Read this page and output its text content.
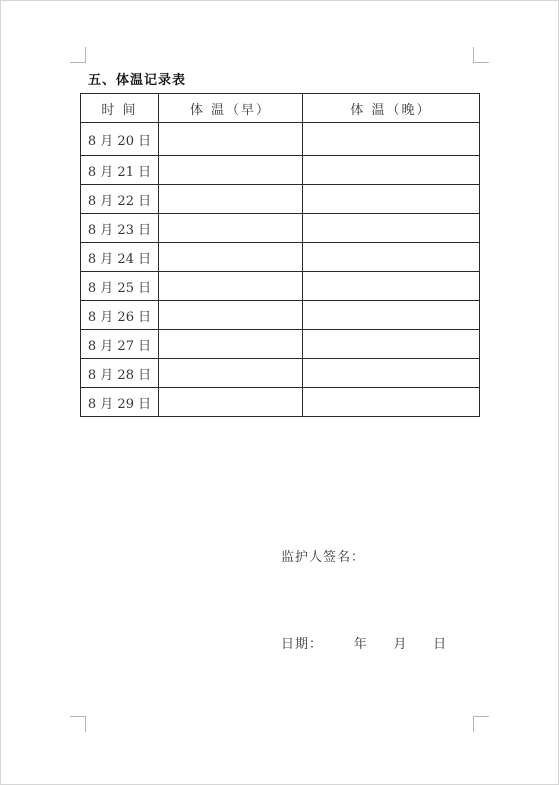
五、体温记录表
时 间	体 温（早）	体 温（晚）
8 月 20 日		
8 月 21 日		
8 月 22 日		
8 月 23 日		
8 月 24 日		
8 月 25 日		
8 月 26 日		
8 月 27 日		
8 月 28 日		
8 月 29 日		
监护人签名：
日期：      年     月     日
